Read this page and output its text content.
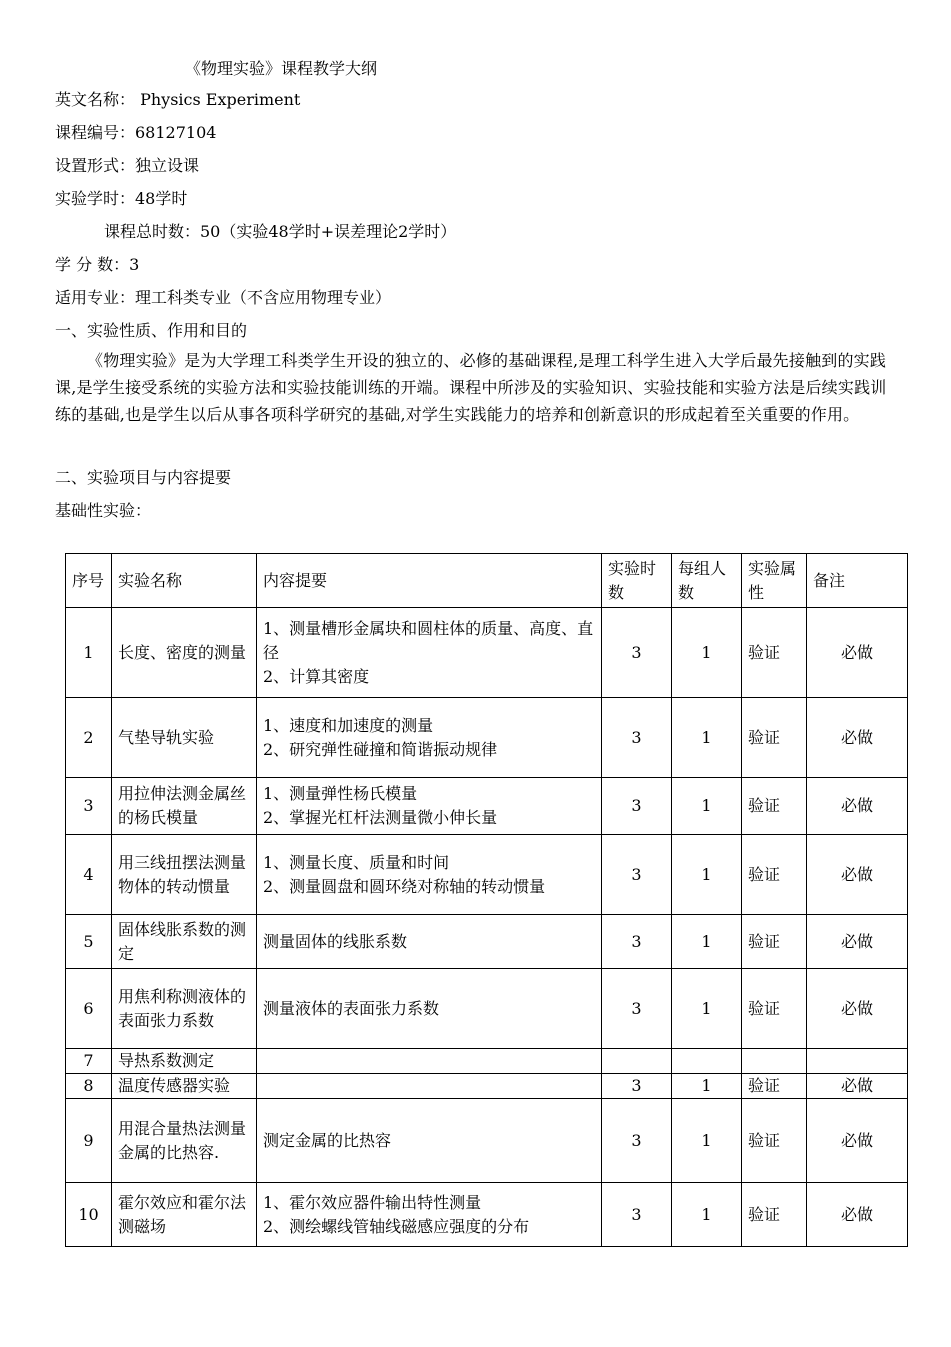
《物理实验》课程教学大纲
英文名称： Physics Experiment
课程编号：68127104
设置形式：独立设课
实验学时：48学时
课程总时数：50（实验48学时+误差理论2学时）
学 分 数：3
适用专业：理工科类专业（不含应用物理专业）
一、实验性质、作用和目的

《物理实验》是为大学理工科类学生开设的独立的、必修的基础课程,是理工科学生进入大学后最先接触到的实践课,是学生接受系统的实验方法和实验技能训练的开端。课程中所涉及的实验知识、实验技能和实验方法是后续实践训练的基础,也是学生以后从事各项科学研究的基础,对学生实践能力的培养和创新意识的形成起着至关重要的作用。

二、实验项目与内容提要
基础性实验：
序号	实验名称	内容提要	实验时数	每组人数	实验属性	备注
1	长度、密度的测量	1、测量槽形金属块和圆柱体的质量、高度、直径
2、计算其密度	3	1	验证	必做
2	气垫导轨实验	1、速度和加速度的测量
2、研究弹性碰撞和简谐振动规律	3	1	验证	必做
3	用拉伸法测金属丝的杨氏模量	1、测量弹性杨氏模量
2、掌握光杠杆法测量微小伸长量	3	1	验证	必做
4	用三线扭摆法测量物体的转动惯量	1、测量长度、质量和时间
2、测量圆盘和圆环绕对称轴的转动惯量	3	1	验证	必做
5	固体线胀系数的测定	测量固体的线胀系数	3	1	验证	必做
6	用焦利称测液体的表面张力系数	测量液体的表面张力系数	3	1	验证	必做
7	导热系数测定					
8	温度传感器实验		3	1	验证	必做
9	用混合量热法测量金属的比热容.	测定金属的比热容	3	1	验证	必做
10	霍尔效应和霍尔法测磁场	1、霍尔效应器件输出特性测量
2、测绘螺线管轴线磁感应强度的分布	3	1	验证	必做
